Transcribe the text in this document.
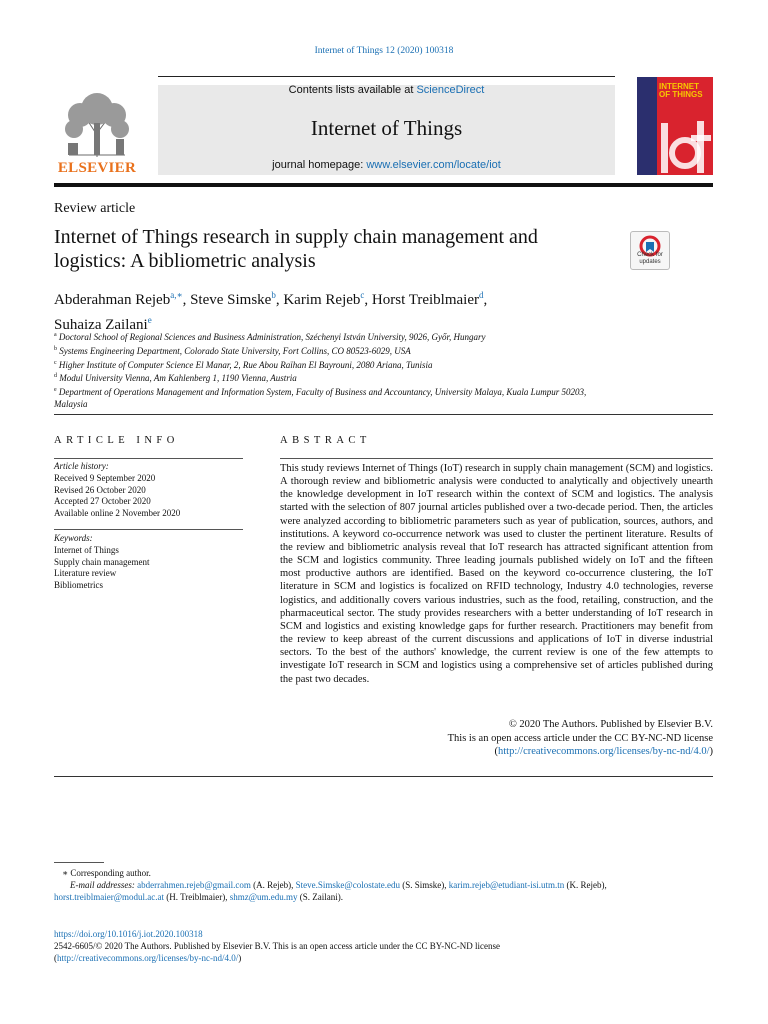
Internet of Things 12 (2020) 100318
Contents lists available at ScienceDirect
Internet of Things
journal homepage: www.elsevier.com/locate/iot
ELSEVIER
INTERNET OF THINGS
Review article
Internet of Things research in supply chain management and logistics: A bibliometric analysis	Check for updates
Abderahman Rejeb$^{a,∗}$, Steve Simske$^b$, Karim Rejeb$^c$, Horst Treiblmaier$^d$,
Suhaiza Zailani$^e$
$^a$ Doctoral School of Regional Sciences and Business Administration, Széchenyi István University, 9026, Győr, Hungary
$^b$ Systems Engineering Department, Colorado State University, Fort Collins, CO 80523-6029, USA
$^c$ Higher Institute of Computer Science El Manar, 2, Rue Abou Raïhan El Bayrouni, 2080 Ariana, Tunisia
$^d$ Modul University Vienna, Am Kahlenberg 1, 1190 Vienna, Austria
$^e$ Department of Operations Management and Information System, Faculty of Business and Accountancy, University Malaya, Kuala Lumpur 50203, Malaysia
ARTICLE INFO
Article history:
Received 9 September 2020
Revised 26 October 2020
Accepted 27 October 2020
Available online 2 November 2020
Keywords:
Internet of Things
Supply chain management
Literature review
Bibliometrics
ABSTRACT
This study reviews Internet of Things (IoT) research in supply chain management (SCM) and logistics. A thorough review and bibliometric analysis were conducted to analytically and objectively unearth the knowledge development in IoT research within the context of SCM and logistics. The analysis started with the selection of 807 journal articles published over a two-decade period. Then, the articles were analyzed according to bibliometric parameters such as year of publication, sources, authors, and institutions. A keyword co-occurrence network was used to cluster the pertinent literature. Results of the review and bibliometric analysis reveal that IoT research has attracted significant attention from the SCM and logistics community. Three leading journals published widely on IoT and the fifteen most productive authors are identified. Based on the keyword co-occurrence clustering, the IoT literature in SCM and logistics is focalized on RFID technology, Industry 4.0 technologies, reverse logistics, and additionally covers various industries, such as the food, retailing, construction, and the pharmaceutical sector. The study provides researchers with a better understanding of IoT research in SCM and logistics and existing knowledge gaps for further research. Practitioners may benefit from the review to keep abreast of the current discussions and applications of IoT in diverse industrial sectors. To the best of the authors' knowledge, the current review is one of the few attempts to investigate IoT research in SCM and logistics using a comprehensive set of articles published during the past two decades.
© 2020 The Authors. Published by Elsevier B.V.
This is an open access article under the CC BY-NC-ND license
(http://creativecommons.org/licenses/by-nc-nd/4.0/)
∗ Corresponding author.
E-mail addresses: abderrahmen.rejeb@gmail.com (A. Rejeb), Steve.Simske@colostate.edu (S. Simske), karim.rejeb@etudiant-isi.utm.tn (K. Rejeb),
horst.treiblmaier@modul.ac.at (H. Treiblmaier), shmz@um.edu.my (S. Zailani).
https://doi.org/10.1016/j.iot.2020.100318
2542-6605/© 2020 The Authors. Published by Elsevier B.V. This is an open access article under the CC BY-NC-ND license
(http://creativecommons.org/licenses/by-nc-nd/4.0/)
